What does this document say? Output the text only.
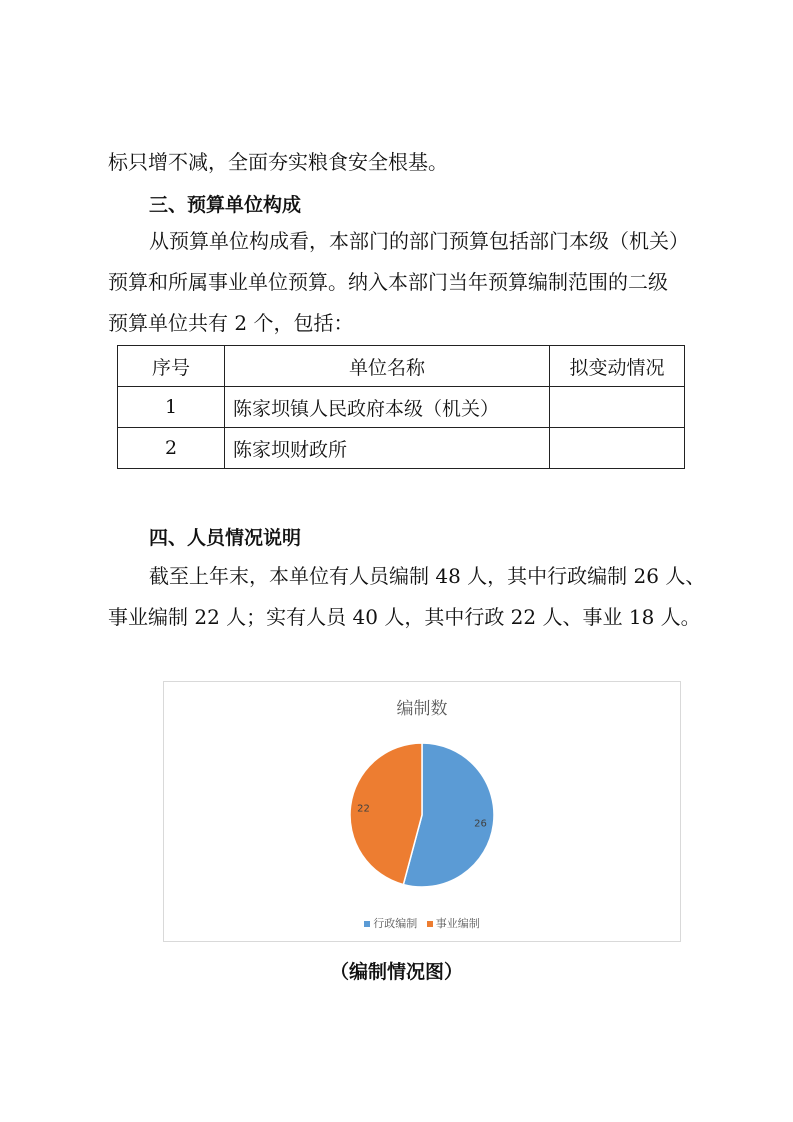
标只增不减，全面夯实粮食安全根基。
三、预算单位构成
从预算单位构成看，本部门的部门预算包括部门本级（机关）
预算和所属事业单位预算。纳入本部门当年预算编制范围的二级
预算单位共有 2 个，包括：
序号	单位名称	拟变动情况
1	陈家坝镇人民政府本级（机关）	
2	陈家坝财政所	
四、人员情况说明
截至上年末，本单位有人员编制 48 人，其中行政编制 26 人、
事业编制 22 人；实有人员 40 人，其中行政 22 人、事业 18 人。
编制数
26
22
行政编制 事业编制
（编制情况图）
